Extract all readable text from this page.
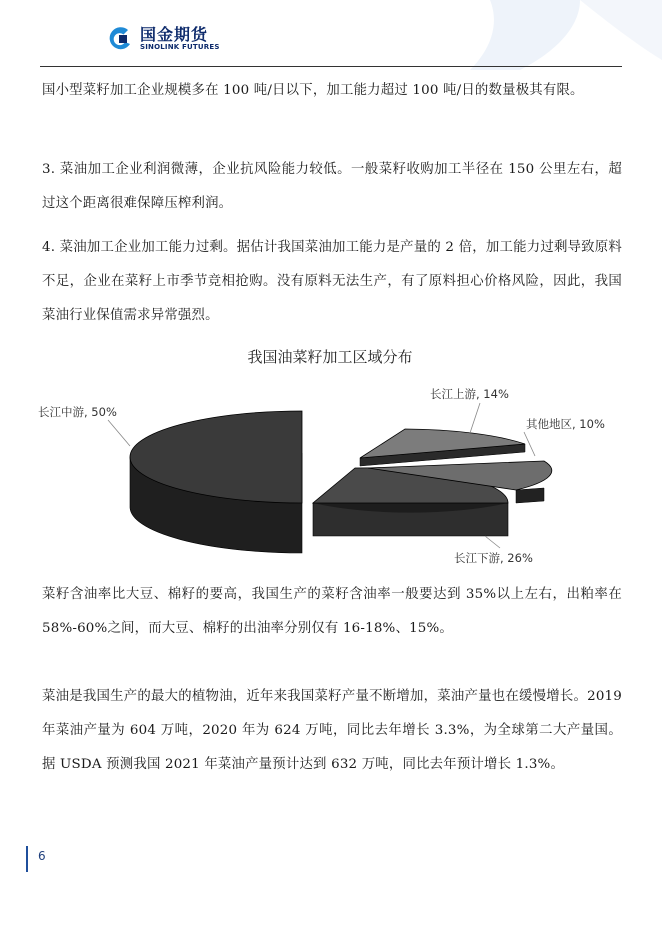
国金期货
SINOLINK FUTURES

国小型菜籽加工企业规模多在 100 吨/日以下，加工能力超过 100 吨/日的数量极其有限。

3. 菜油加工企业利润微薄，企业抗风险能力较低。一般菜籽收购加工半径在 150 公里左右，超过这个距离很难保障压榨利润。

4. 菜油加工企业加工能力过剩。据估计我国菜油加工能力是产量的 2 倍，加工能力过剩导致原料不足，企业在菜籽上市季节竞相抢购。没有原料无法生产，有了原料担心价格风险，因此，我国菜油行业保值需求异常强烈。

我国油菜籽加工区域分布
长江中游, 50%
长江上游, 14%
其他地区, 10%
长江下游, 26%

菜籽含油率比大豆、棉籽的要高，我国生产的菜籽含油率一般要达到 35%以上左右，出粕率在 58%-60%之间，而大豆、棉籽的出油率分别仅有 16-18%、15%。

菜油是我国生产的最大的植物油，近年来我国菜籽产量不断增加，菜油产量也在缓慢增长。2019 年菜油产量为 604 万吨，2020 年为 624 万吨，同比去年增长 3.3%，为全球第二大产量国。据 USDA 预测我国 2021 年菜油产量预计达到 632 万吨，同比去年预计增长 1.3%。

6
